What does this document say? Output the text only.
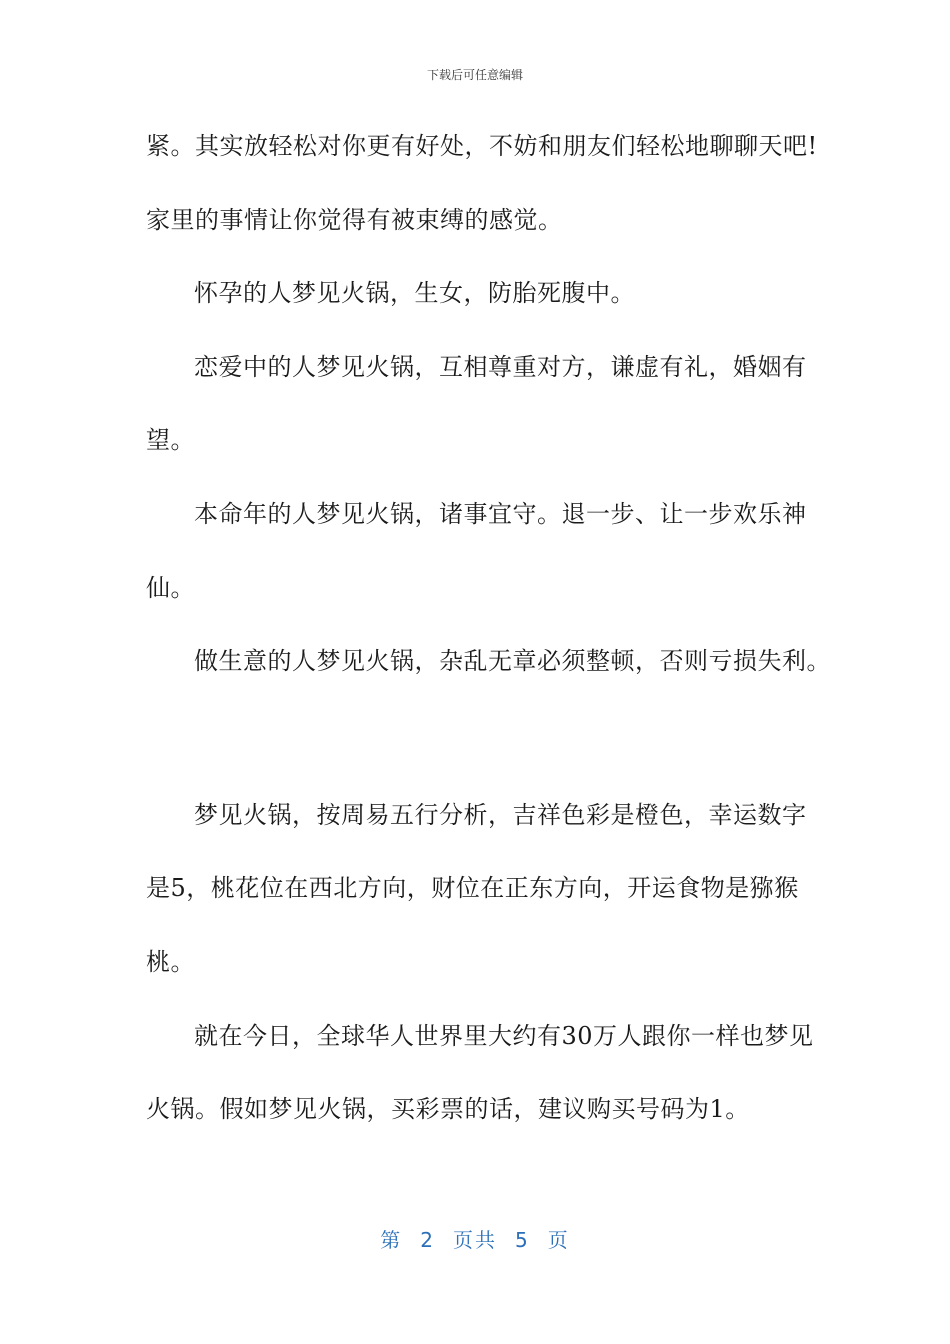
下载后可任意编辑
紧。其实放轻松对你更有好处，不妨和朋友们轻松地聊聊天吧!
家里的事情让你觉得有被束缚的感觉。
怀孕的人梦见火锅，生女，防胎死腹中。
恋爱中的人梦见火锅，互相尊重对方，谦虚有礼，婚姻有
望。
本命年的人梦见火锅，诸事宜守。退一步、让一步欢乐神
仙。
做生意的人梦见火锅，杂乱无章必须整顿，否则亏损失利。
梦见火锅，按周易五行分析，吉祥色彩是橙色，幸运数字
是5，桃花位在西北方向，财位在正东方向，开运食物是猕猴
桃。
就在今日，全球华人世界里大约有30万人跟你一样也梦见
火锅。假如梦见火锅，买彩票的话，建议购买号码为1。
第 2 页共 5 页
